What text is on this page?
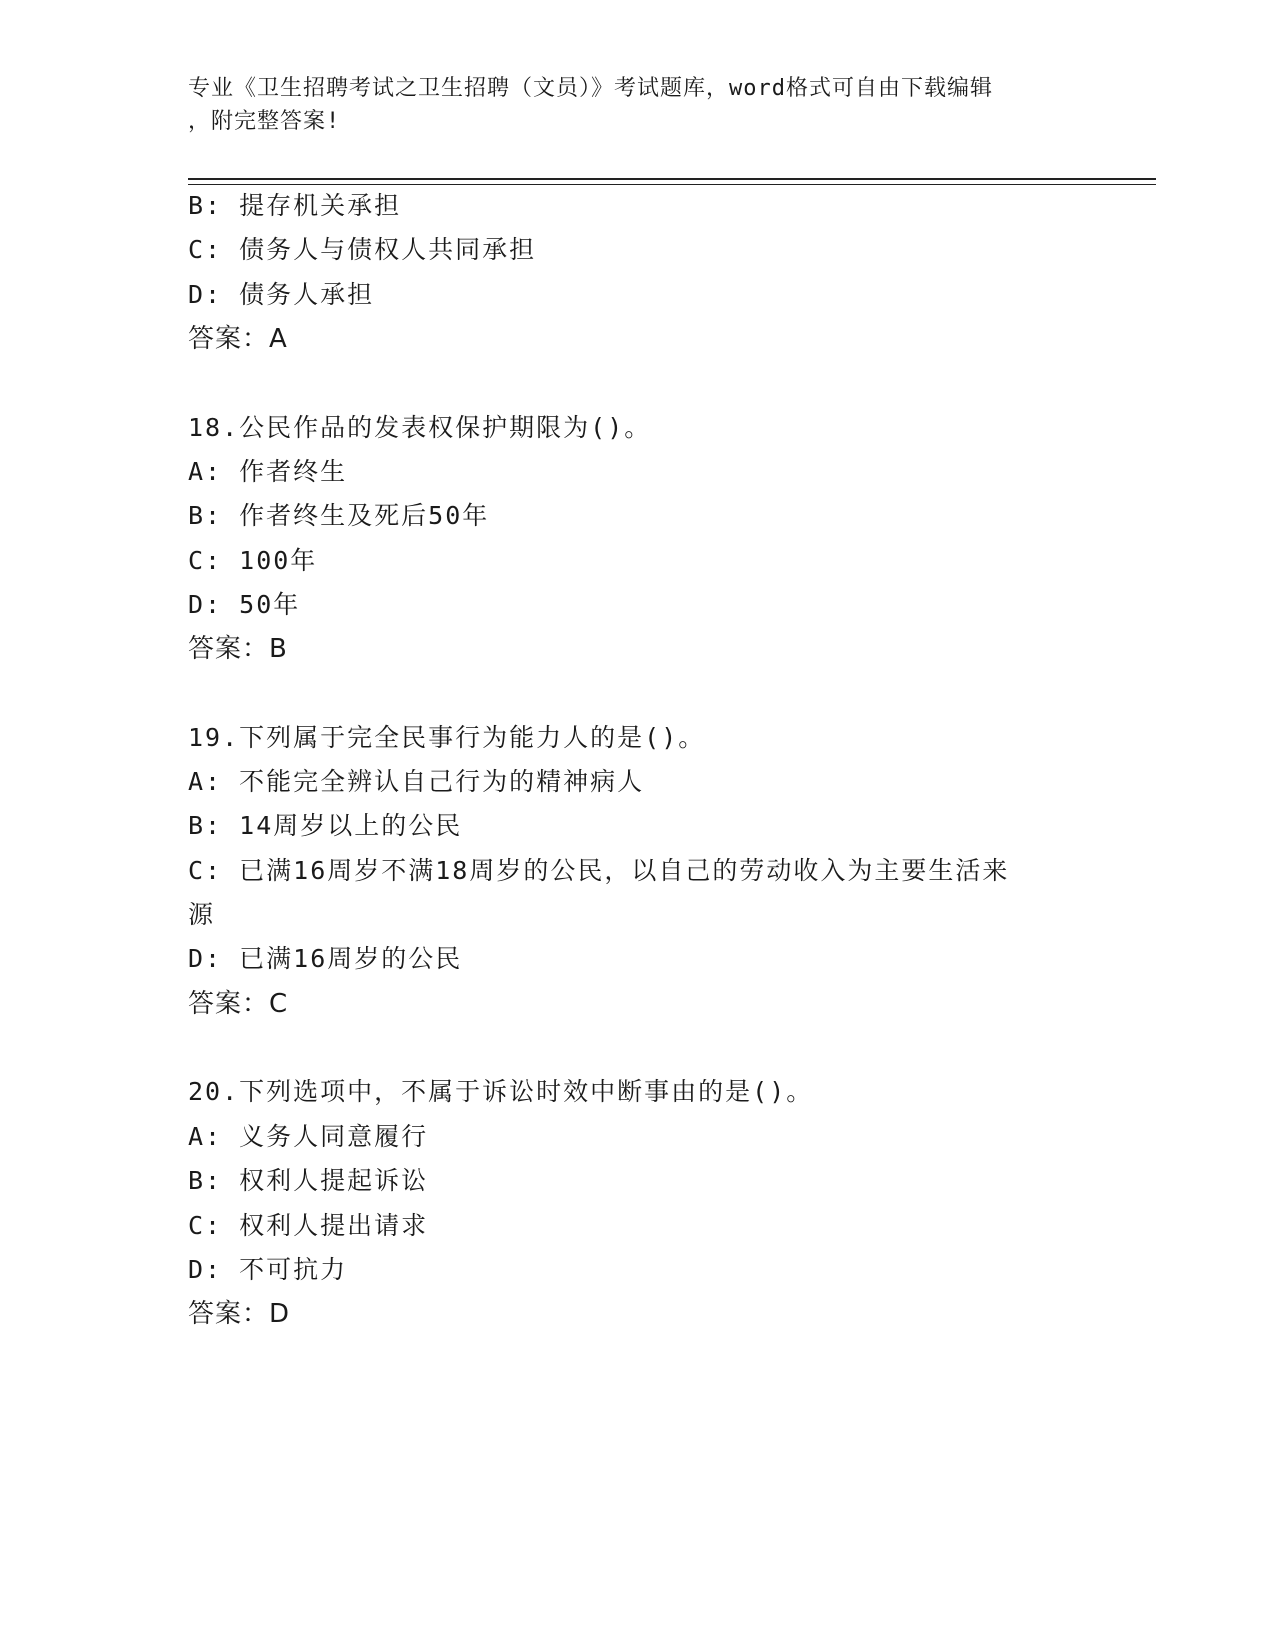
专业《卫生招聘考试之卫生招聘（文员）》考试题库，word格式可自由下载编辑
，附完整答案!
B: 提存机关承担
C: 债务人与债权人共同承担
D: 债务人承担
答案：A
18.公民作品的发表权保护期限为()。
A: 作者终生
B: 作者终生及死后50年
C: 100年
D: 50年
答案：B
19.下列属于完全民事行为能力人的是()。
A: 不能完全辨认自己行为的精神病人
B: 14周岁以上的公民
C: 已满16周岁不满18周岁的公民，以自己的劳动收入为主要生活来
源
D: 已满16周岁的公民
答案：C
20.下列选项中，不属于诉讼时效中断事由的是()。
A: 义务人同意履行
B: 权利人提起诉讼
C: 权利人提出请求
D: 不可抗力
答案：D
